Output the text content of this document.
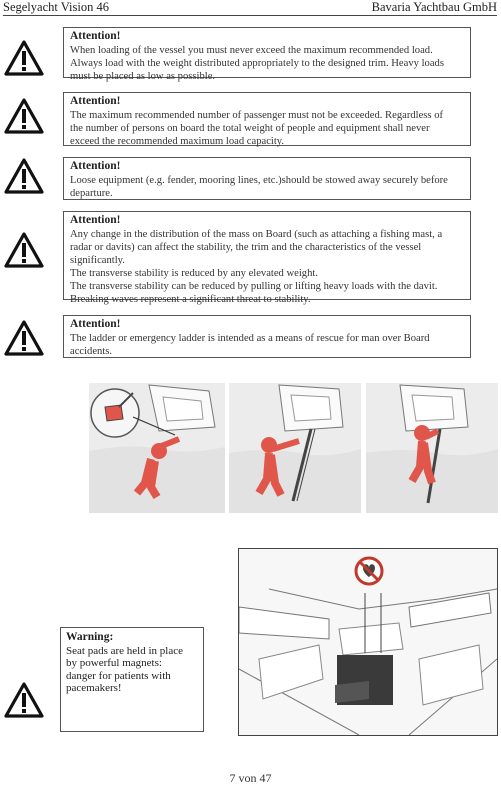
Segelyacht Vision 46	Bavaria Yachtbau GmbH
Attention!
When loading of the vessel you must never exceed the maximum recommended load.
Always load with the weight distributed appropriately to the designed trim. Heavy loads
must be placed as low as possible.
Attention!
The maximum recommended number of passenger must not be exceeded. Regardless of
the number of persons on board the total weight of people and equipment shall never
exceed the recommended maximum load capacity.
Attention!
Loose equipment (e.g. fender, mooring lines, etc.)should be stowed away securely before
departure.
Attention!
Any change in the distribution of the mass on Board (such as attaching a fishing mast, a
radar or davits) can affect the stability, the trim and the characteristics of the vessel
significantly.
The transverse stability is reduced by any elevated weight.
The transverse stability can be reduced by pulling or lifting heavy loads with the davit.
Breaking waves represent a significant threat to stability.
Attention!
The ladder or emergency ladder is intended as a means of rescue for man over Board
accidents.
Warning:
Seat pads are held in place
by powerful magnets:
danger for patients with
pacemakers!
7 von 47
